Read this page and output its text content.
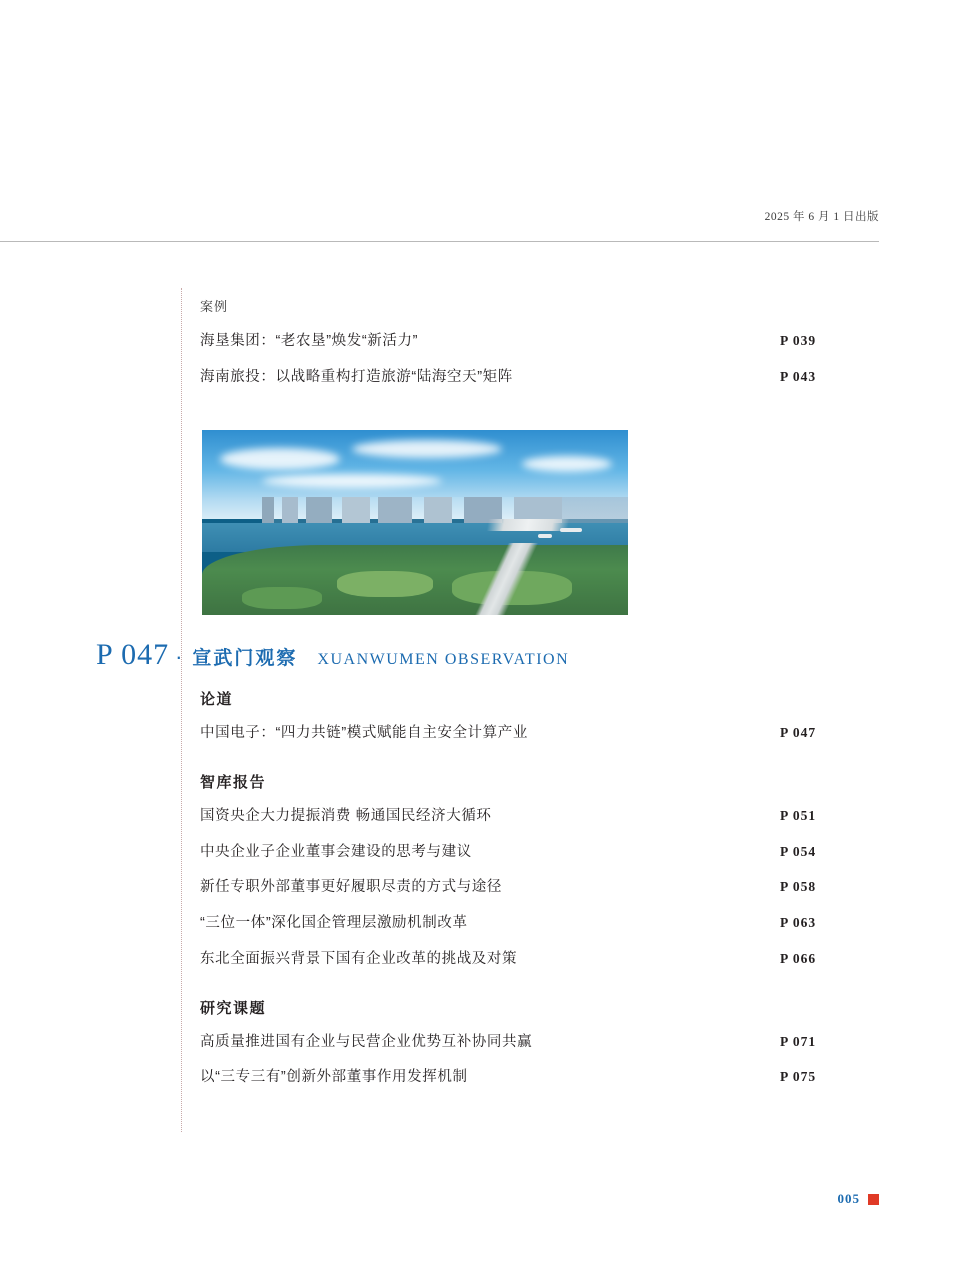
2025 年 6 月 1 日出版
案例
海垦集团：“老农垦”焕发“新活力”	P 039
海南旅投：以战略重构打造旅游“陆海空天”矩阵	P 043
P 047 · 宣武门观察 XUANWUMEN OBSERVATION
论道
中国电子：“四力共链”模式赋能自主安全计算产业	P 047
智库报告
国资央企大力提振消费 畅通国民经济大循环	P 051
中央企业子企业董事会建设的思考与建议	P 054
新任专职外部董事更好履职尽责的方式与途径	P 058
“三位一体”深化国企管理层激励机制改革	P 063
东北全面振兴背景下国有企业改革的挑战及对策	P 066
研究课题
高质量推进国有企业与民营企业优势互补协同共赢	P 071
以“三专三有”创新外部董事作用发挥机制	P 075
005
